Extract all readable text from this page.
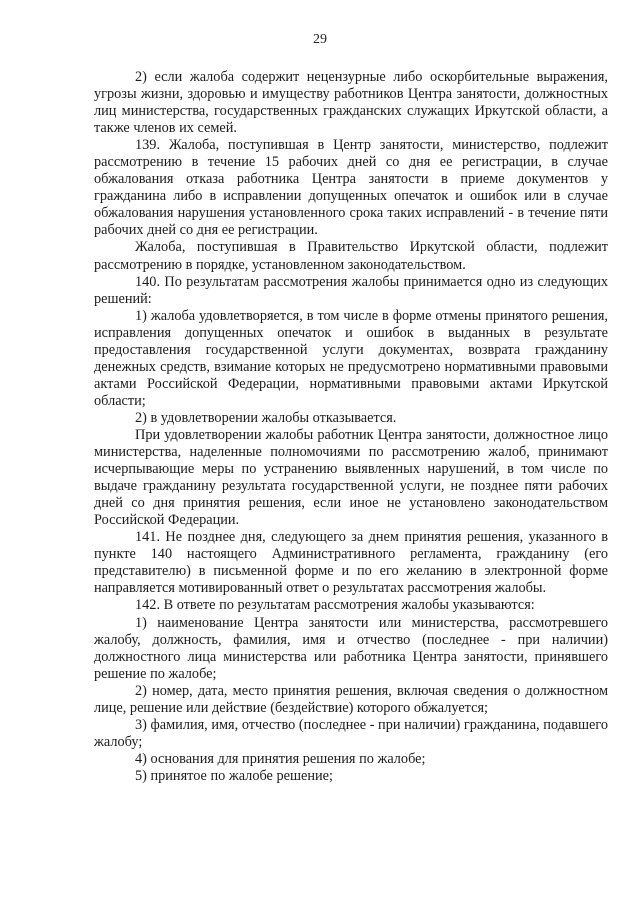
29

2) если жалоба содержит нецензурные либо оскорбительные выражения, угрозы жизни, здоровью и имуществу работников Центра занятости, должностных лиц министерства, государственных гражданских служащих Иркутской области, а также членов их семей.

139. Жалоба, поступившая в Центр занятости, министерство, подлежит рассмотрению в течение 15 рабочих дней со дня ее регистрации, в случае обжалования отказа работника Центра занятости в приеме документов у гражданина либо в исправлении допущенных опечаток и ошибок или в случае обжалования нарушения установленного срока таких исправлений - в течение пяти рабочих дней со дня ее регистрации.

Жалоба, поступившая в Правительство Иркутской области, подлежит рассмотрению в порядке, установленном законодательством.

140. По результатам рассмотрения жалобы принимается одно из следующих решений:

1) жалоба удовлетворяется, в том числе в форме отмены принятого решения, исправления допущенных опечаток и ошибок в выданных в результате предоставления государственной услуги документах, возврата гражданину денежных средств, взимание которых не предусмотрено нормативными правовыми актами Российской Федерации, нормативными правовыми актами Иркутской области;

2) в удовлетворении жалобы отказывается.

При удовлетворении жалобы работник Центра занятости, должностное лицо министерства, наделенные полномочиями по рассмотрению жалоб, принимают исчерпывающие меры по устранению выявленных нарушений, в том числе по выдаче гражданину результата государственной услуги, не позднее пяти рабочих дней со дня принятия решения, если иное не установлено законодательством Российской Федерации.

141. Не позднее дня, следующего за днем принятия решения, указанного в пункте 140 настоящего Административного регламента, гражданину (его представителю) в письменной форме и по его желанию в электронной форме направляется мотивированный ответ о результатах рассмотрения жалобы.

142. В ответе по результатам рассмотрения жалобы указываются:

1) наименование Центра занятости или министерства, рассмотревшего жалобу, должность, фамилия, имя и отчество (последнее - при наличии) должностного лица министерства или работника Центра занятости, принявшего решение по жалобе;

2) номер, дата, место принятия решения, включая сведения о должностном лице, решение или действие (бездействие) которого обжалуется;

3) фамилия, имя, отчество (последнее - при наличии) гражданина, подавшего жалобу;

4) основания для принятия решения по жалобе;

5) принятое по жалобе решение;
